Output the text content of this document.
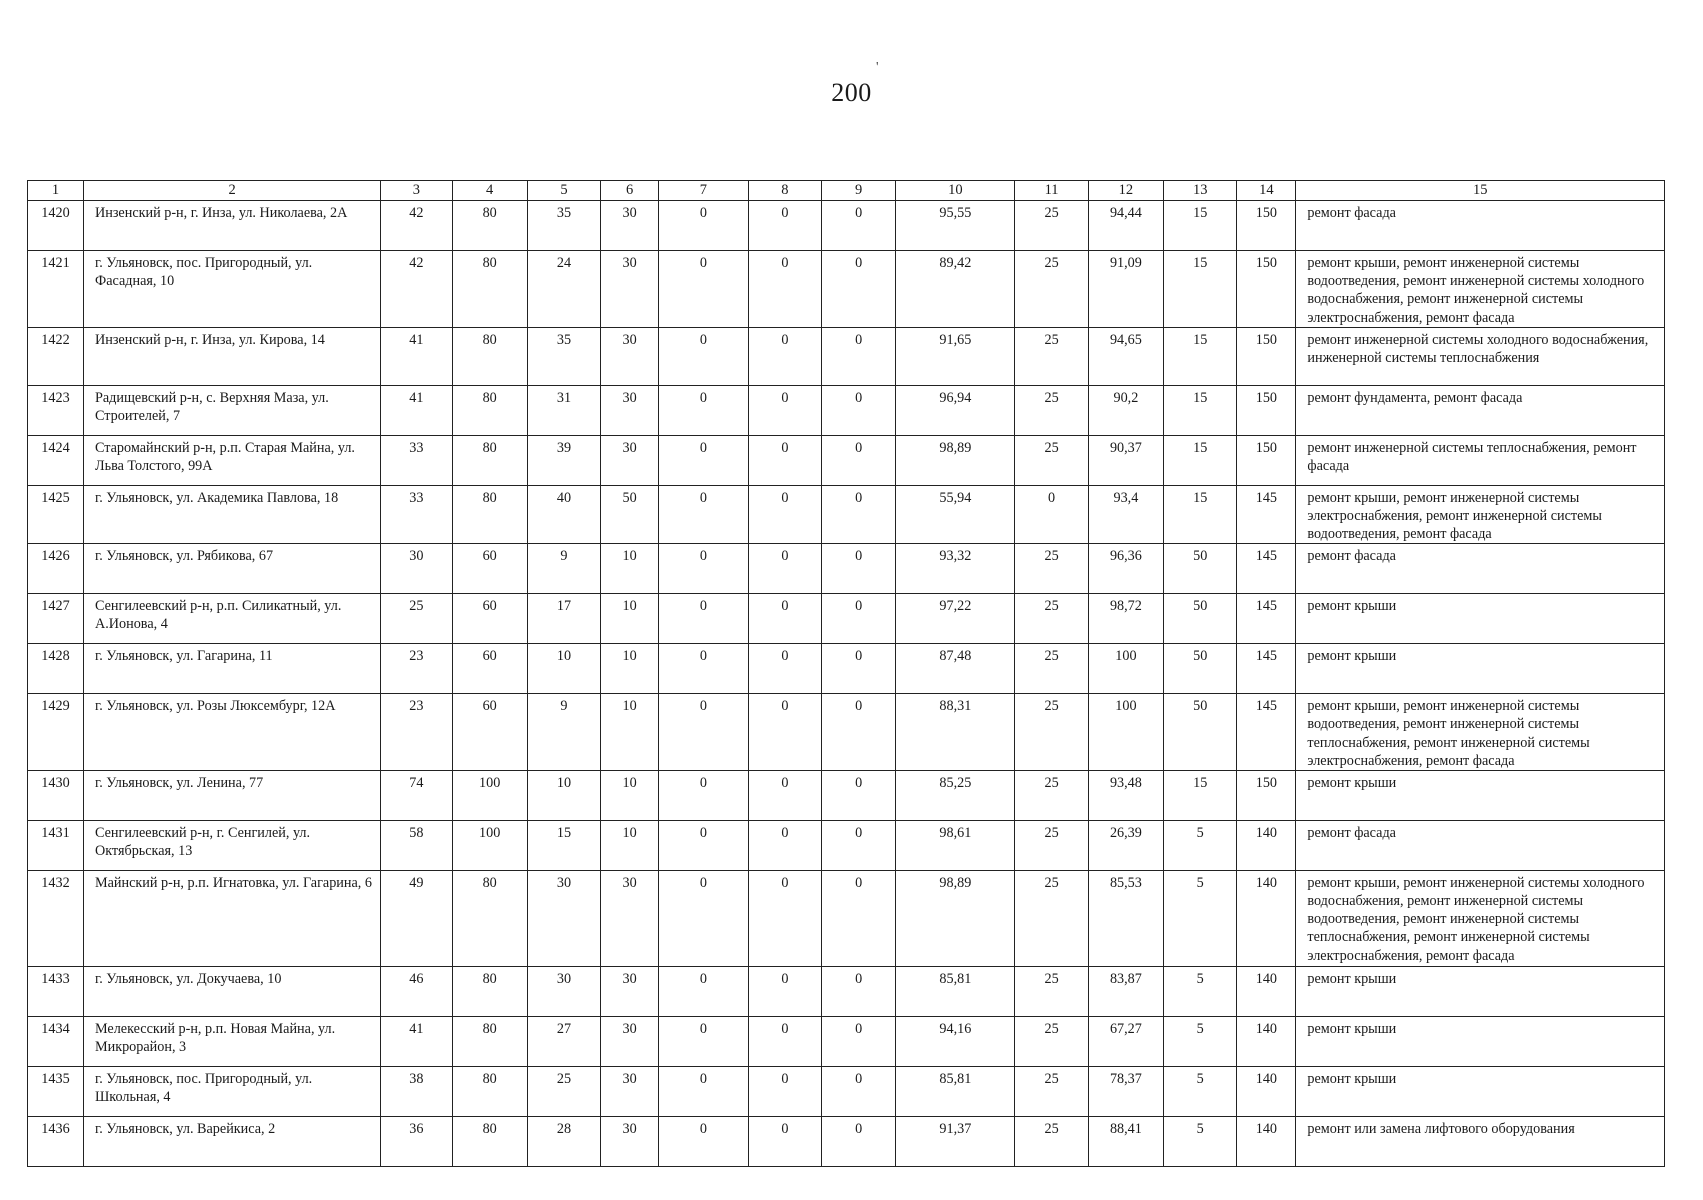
'
200
1	2	3	4	5	6	7	8	9	10	11	12	13	14	15
1420	Инзенский р-н, г. Инза, ул. Николаева, 2А	42	80	35	30	0	0	0	95,55	25	94,44	15	150	ремонт фасада
1421	г. Ульяновск, пос. Пригородный, ул. Фасадная, 10	42	80	24	30	0	0	0	89,42	25	91,09	15	150	ремонт крыши, ремонт инженерной системы водоотведения, ремонт инженерной системы холодного водоснабжения, ремонт инженерной системы электроснабжения, ремонт фасада
1422	Инзенский р-н, г. Инза, ул. Кирова, 14	41	80	35	30	0	0	0	91,65	25	94,65	15	150	ремонт инженерной системы холодного водоснабжения, инженерной системы теплоснабжения
1423	Радищевский р-н, с. Верхняя Маза, ул. Строителей, 7	41	80	31	30	0	0	0	96,94	25	90,2	15	150	ремонт фундамента, ремонт фасада
1424	Старомайнский р-н, р.п. Старая Майна, ул. Льва Толстого, 99А	33	80	39	30	0	0	0	98,89	25	90,37	15	150	ремонт инженерной системы теплоснабжения, ремонт фасада
1425	г. Ульяновск, ул. Академика Павлова, 18	33	80	40	50	0	0	0	55,94	0	93,4	15	145	ремонт крыши, ремонт инженерной системы электроснабжения, ремонт инженерной системы водоотведения, ремонт фасада
1426	г. Ульяновск, ул. Рябикова, 67	30	60	9	10	0	0	0	93,32	25	96,36	50	145	ремонт фасада
1427	Сенгилеевский р-н, р.п. Силикатный, ул. А.Ионова, 4	25	60	17	10	0	0	0	97,22	25	98,72	50	145	ремонт крыши
1428	г. Ульяновск, ул. Гагарина, 11	23	60	10	10	0	0	0	87,48	25	100	50	145	ремонт крыши
1429	г. Ульяновск, ул. Розы Люксембург, 12А	23	60	9	10	0	0	0	88,31	25	100	50	145	ремонт крыши, ремонт инженерной системы водоотведения, ремонт инженерной системы теплоснабжения, ремонт инженерной системы электроснабжения, ремонт фасада
1430	г. Ульяновск, ул. Ленина, 77	74	100	10	10	0	0	0	85,25	25	93,48	15	150	ремонт крыши
1431	Сенгилеевский р-н, г. Сенгилей, ул. Октябрьская, 13	58	100	15	10	0	0	0	98,61	25	26,39	5	140	ремонт фасада
1432	Майнский р-н, р.п. Игнатовка, ул. Гагарина, 6	49	80	30	30	0	0	0	98,89	25	85,53	5	140	ремонт крыши, ремонт инженерной системы холодного водоснабжения, ремонт инженерной системы водоотведения, ремонт инженерной системы теплоснабжения, ремонт инженерной системы электроснабжения, ремонт фасада
1433	г. Ульяновск, ул. Докучаева, 10	46	80	30	30	0	0	0	85,81	25	83,87	5	140	ремонт крыши
1434	Мелекесский р-н, р.п. Новая Майна, ул. Микрорайон, 3	41	80	27	30	0	0	0	94,16	25	67,27	5	140	ремонт крыши
1435	г. Ульяновск, пос. Пригородный, ул. Школьная, 4	38	80	25	30	0	0	0	85,81	25	78,37	5	140	ремонт крыши
1436	г. Ульяновск, ул. Варейкиса, 2	36	80	28	30	0	0	0	91,37	25	88,41	5	140	ремонт или замена лифтового оборудования
